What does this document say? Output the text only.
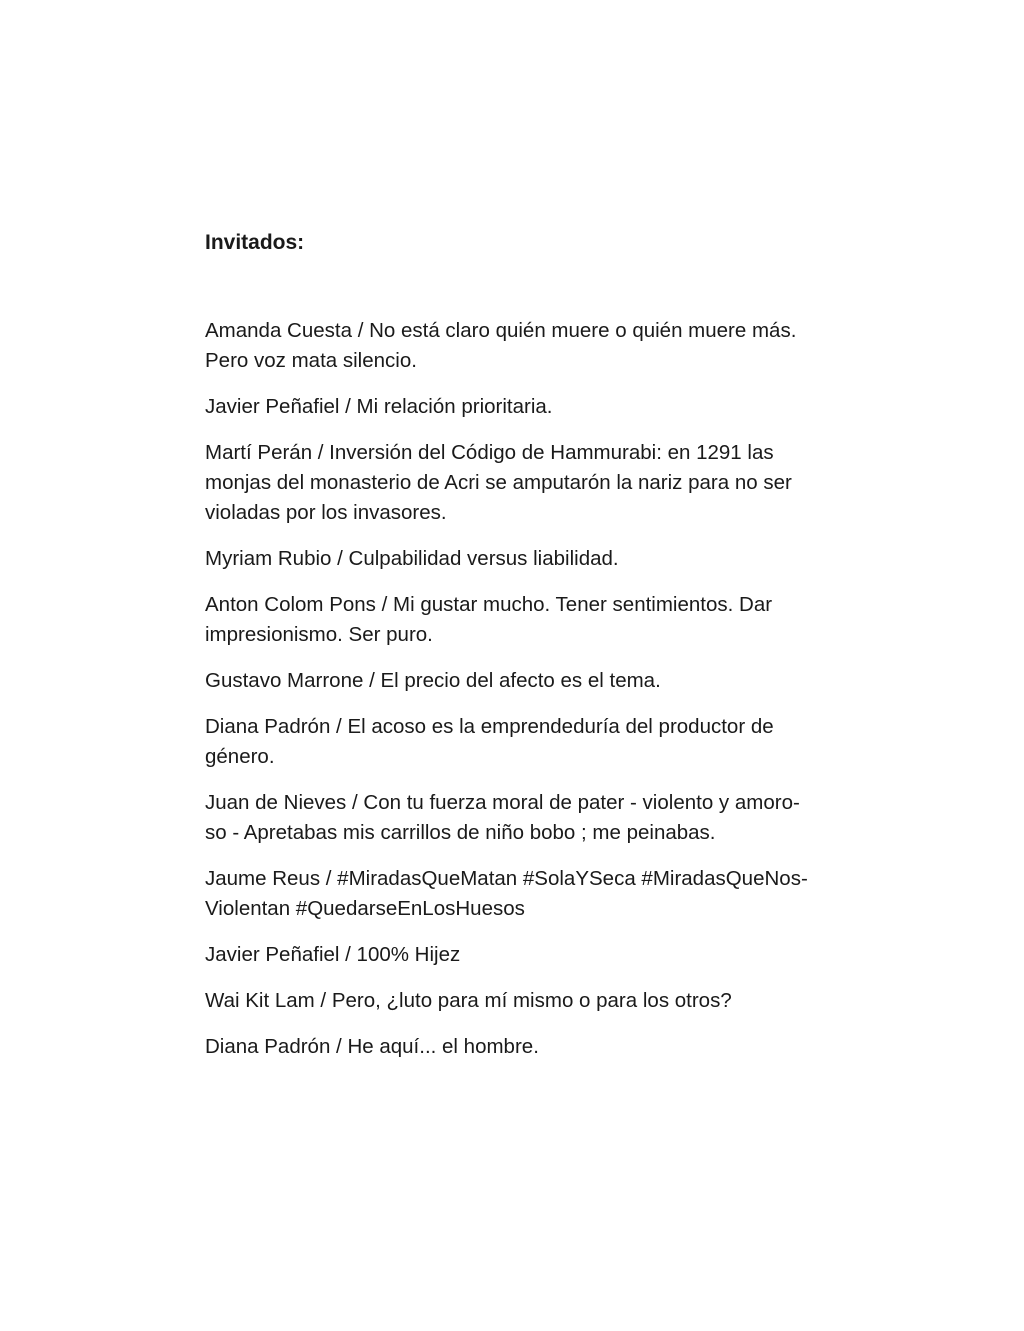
Invitados:
Amanda Cuesta / No está claro quién muere o quién muere más.
Pero voz mata silencio.
Javier Peñafiel / Mi relación prioritaria.
Martí Perán / Inversión del Código de Hammurabi: en 1291 las
monjas del monasterio de Acri se amputarón la nariz para no ser
violadas por los invasores.
Myriam Rubio / Culpabilidad versus liabilidad.
Anton Colom Pons / Mi gustar mucho. Tener sentimientos. Dar
impresionismo. Ser puro.
Gustavo Marrone / El precio del afecto es el tema.
Diana Padrón / El acoso es la emprendeduría del productor de
género.
Juan de Nieves / Con tu fuerza moral de pater - violento y amoro-
so - Apretabas mis carrillos de niño bobo ; me peinabas.
Jaume Reus / #MiradasQueMatan #SolaYSeca #MiradasQueNos-
Violentan #QuedarseEnLosHuesos
Javier Peñafiel / 100% Hijez
Wai Kit Lam / Pero, ¿luto para mí mismo o para los otros?
Diana Padrón / He aquí... el hombre.
